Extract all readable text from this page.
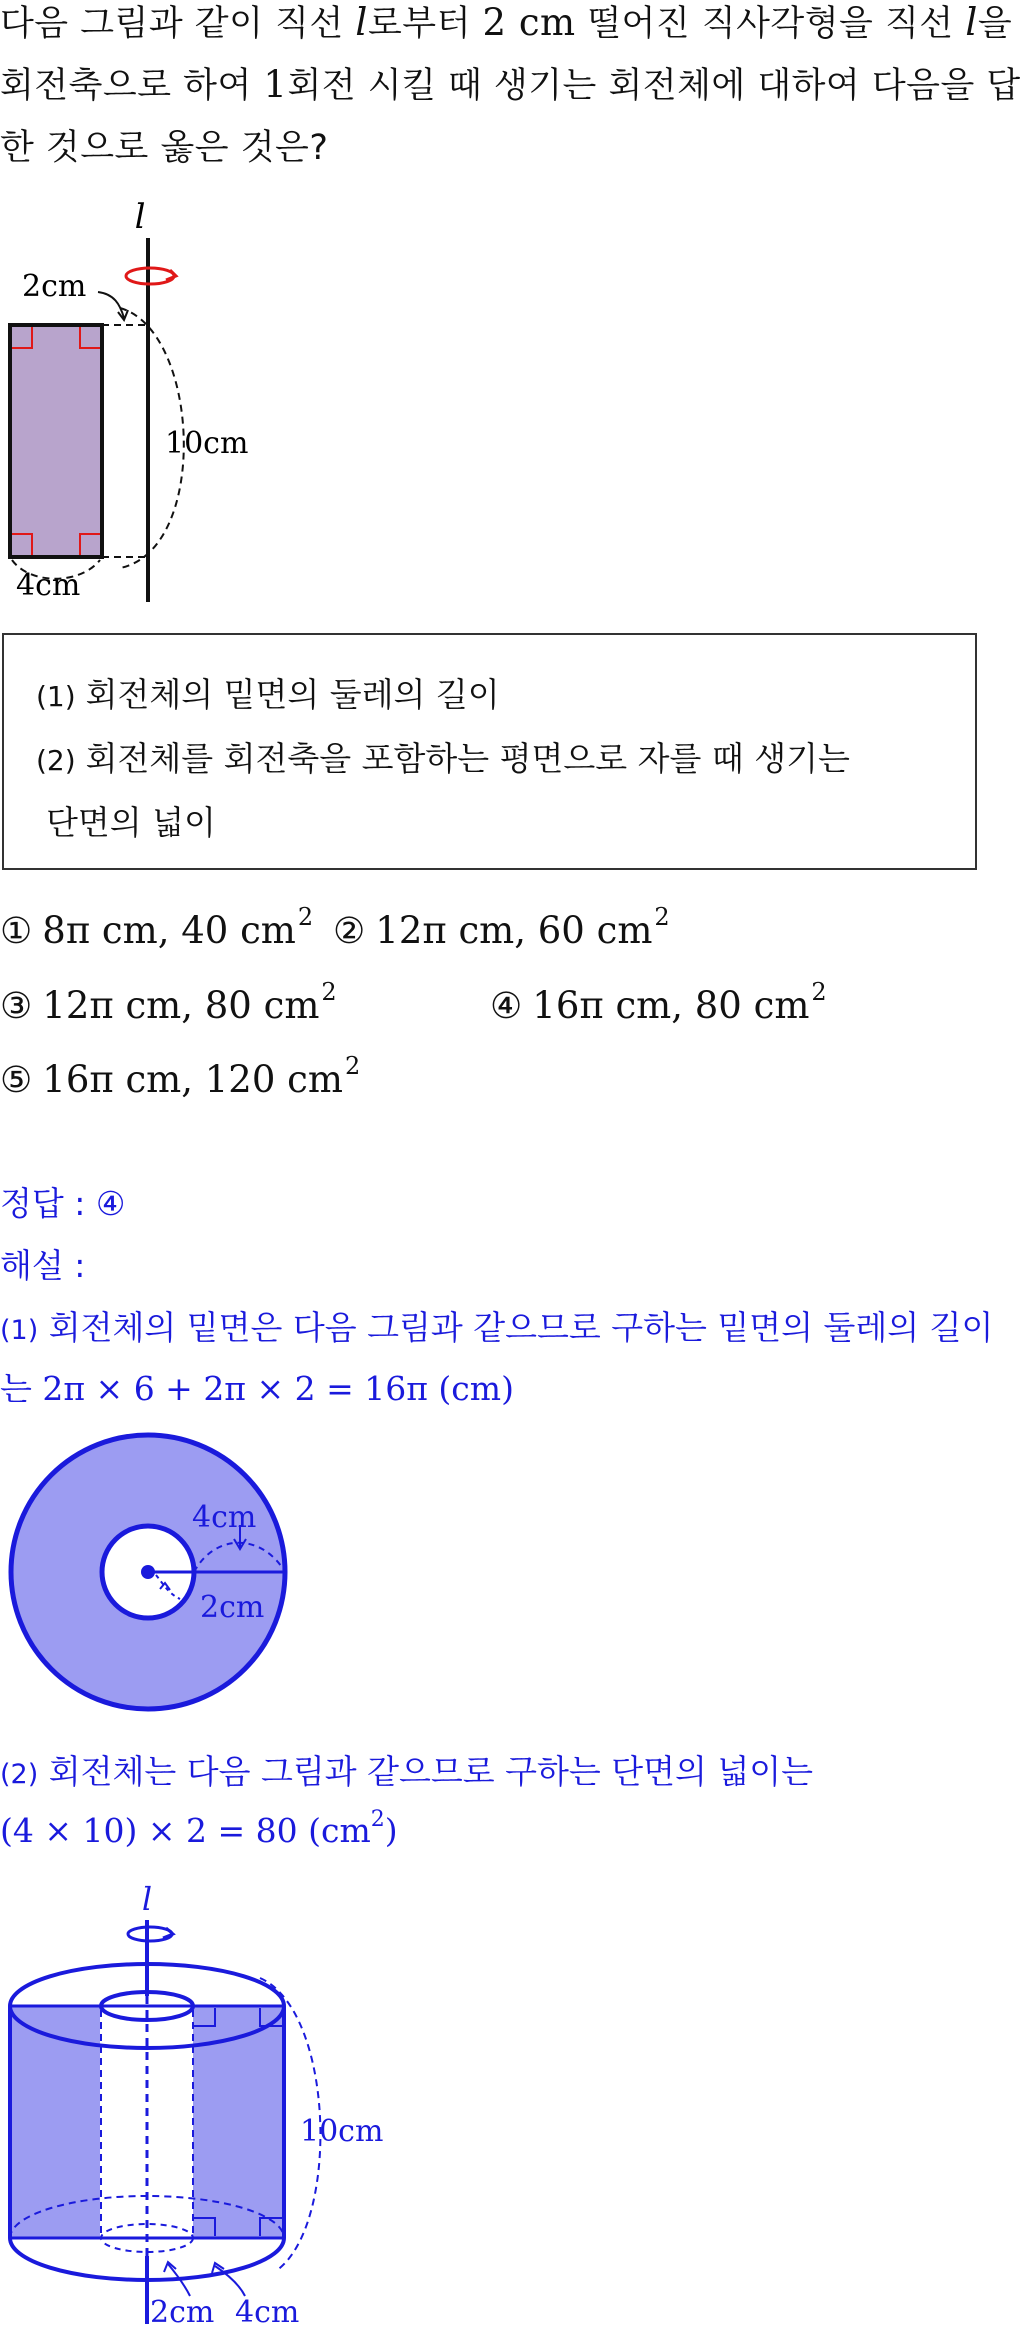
다음 그림과 같이 직선 l로부터 2 cm 떨어진 직사각형을 직선 l을
회전축으로 하여 1회전 시킬 때 생기는 회전체에 대하여 다음을 답
한 것으로 옳은 것은?
l
2cm
10cm
4cm
(1) 회전체의 밑면의 둘레의 길이
(2) 회전체를 회전축을 포함하는 평면으로 자를 때 생기는
단면의 넓이
① 8π cm, 40 $cm^2$ ② 12π cm, 60 $cm^2$
③ 12π cm, 80 $cm^2$	④ 16π cm, 80 $cm^2$
⑤ 16π cm, 120 $cm^2$
정답 : ④
해설 :
(1) 회전체의 밑면은 다음 그림과 같으므로 구하는 밑면의 둘레의 길이
는 2π × 6 + 2π × 2 = 16π (cm)
4cm
2cm
(2) 회전체는 다음 그림과 같으므로 구하는 단면의 넓이는
(4 × 10) × 2 = 80 $(cm^2)$
l
10cm
2cm 4cm
